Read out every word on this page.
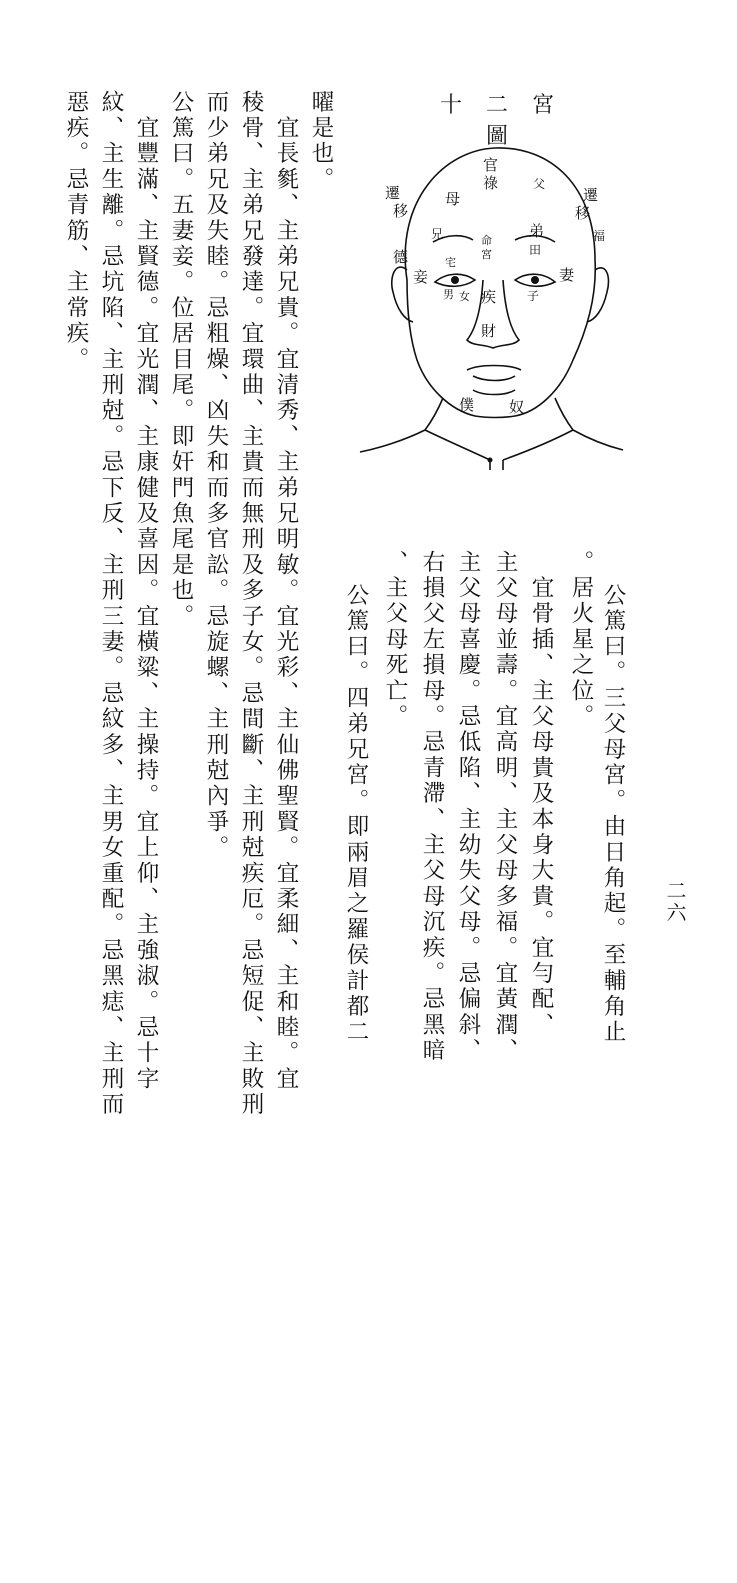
二六
公篤曰。三父母宮。由日角起。至輔角止
。居火星之位。
　宜骨插、主父母貴及本身大貴。宜勻配、
主父母並壽。宜高明、主父母多福。宜黃潤、
主父母喜慶。忌低陷、主幼失父母。忌偏斜、
右損父左損母。忌青滯、主父母沉疾。忌黑暗
、主父母死亡。
公篤曰。四弟兄宮。即兩眉之羅侯計都二
曜是也。
　宜長毿、主弟兄貴。宜清秀、主弟兄明敏。宜光彩、主仙佛聖賢。宜柔細、主和睦。宜
稜骨、主弟兄發達。宜環曲、主貴而無刑及多子女。忌間斷、主刑尅疾厄。忌短促、主敗刑
而少弟兄及失睦。忌粗燥、凶失和而多官訟。忌旋螺、主刑尅內爭。
公篤曰。五妻妾。位居目尾。即奸門魚尾是也。
　宜豐滿、主賢德。宜光潤、主康健及喜因。宜橫粱、主操持。宜上仰、主強淑。忌十字
紋、主生離。忌坑陷、主刑尅。忌下反、主刑三妻。忌紋多、主男女重配。忌黑痣、主刑而
惡疾。忌青筋、主常疾。	十二宮圖
官
祿	父
母
遷
移
遷
移
福
德
兄	弟
命
宮	田
宅
妾	妻
男 女	子
疾
財
僕 奴
